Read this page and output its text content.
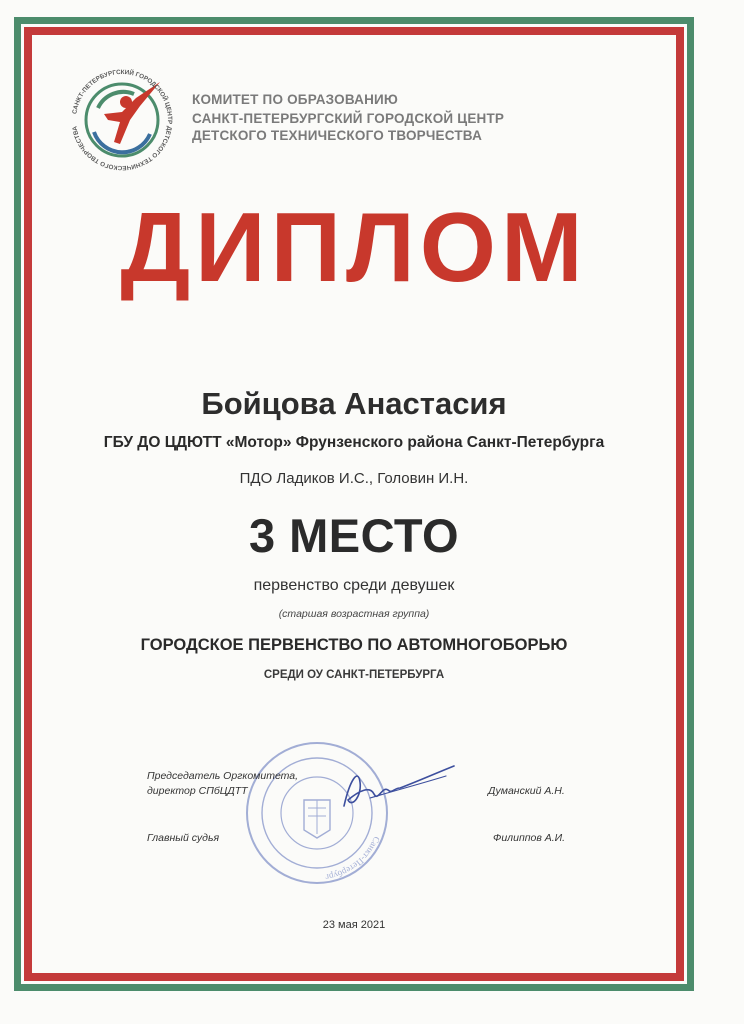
САНКТ-ПЕТЕРБУРГСКИЙ ГОРОДСКОЙ ЦЕНТР ДЕТСКОГО ТЕХНИЧЕСКОГО ТВОРЧЕСТВА
КОМИТЕТ ПО ОБРАЗОВАНИЮ
САНКТ-ПЕТЕРБУРГСКИЙ ГОРОДСКОЙ ЦЕНТР
ДЕТСКОГО ТЕХНИЧЕСКОГО ТВОРЧЕСТВА
ДИПЛОМ
Бойцова Анастасия
ГБУ ДО ЦДЮТТ «Мотор» Фрунзенского района Санкт-Петербурга
ПДО Ладиков И.С., Головин И.Н.
3 МЕСТО
первенство среди девушек
(старшая возрастная группа)
ГОРОДСКОЕ ПЕРВЕНСТВО ПО АВТОМНОГОБОРЬЮ
СРЕДИ ОУ САНКТ-ПЕТЕРБУРГА
Санкт-Петербург
Председатель Оргкомитета,
директор СПбЦДТТ	Думанский А.Н.
Главный судья	Филиппов А.И.
23 мая 2021
